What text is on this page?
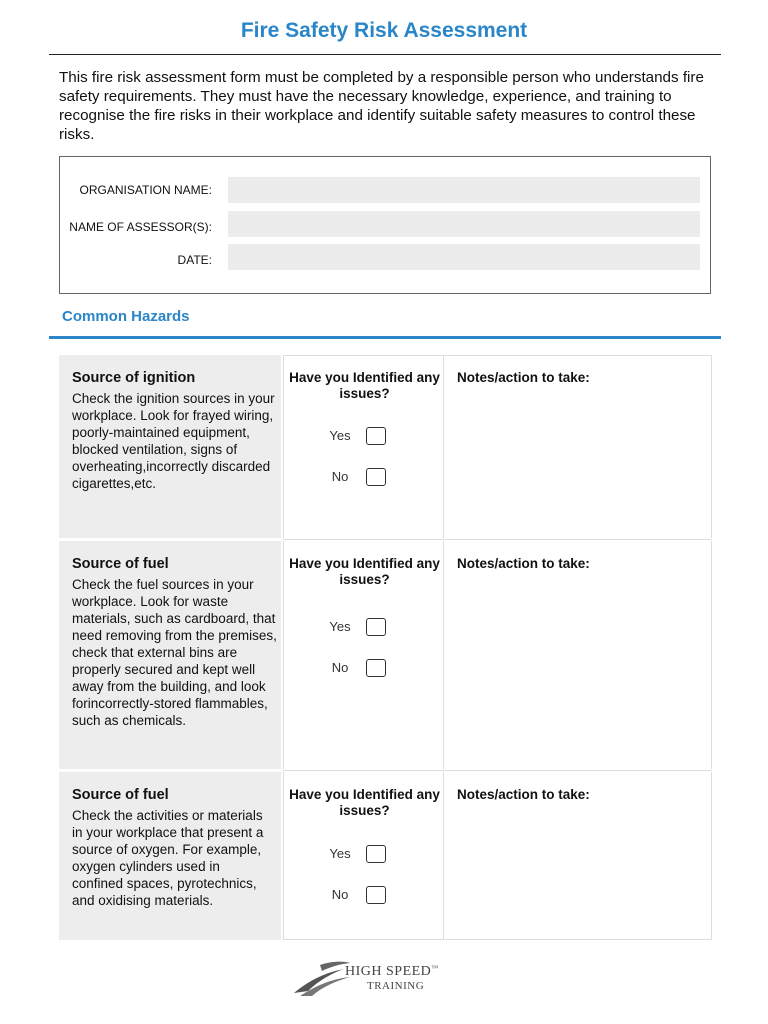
Fire Safety Risk Assessment
This fire risk assessment form must be completed by a responsible person who understands fire safety requirements. They must have the necessary knowledge, experience, and training to recognise the fire risks in their workplace and identify suitable safety measures to control these risks.
ORGANISATION NAME:
NAME OF ASSESSOR(S):
DATE:
Common Hazards
Source of ignition
Check the ignition sources in your workplace. Look for frayed wiring, poorly-maintained equipment, blocked ventilation, signs of overheating,incorrectly discarded cigarettes,etc.
Have you Identified any issues?
Yes
No
Notes/action to take:
Source of fuel
Check the fuel sources in your workplace. Look for waste materials, such as cardboard, that need removing from the premises, check that external bins are properly secured and kept well away from the building, and look forincorrectly-stored flammables, such as chemicals.
Have you Identified any issues?
Yes
No
Notes/action to take:
Source of fuel
Check the activities or materials in your workplace that present a source of oxygen. For example, oxygen cylinders used in confined spaces, pyrotechnics, and oxidising materials.
Have you Identified any issues?
Yes
No
Notes/action to take:
HIGH SPEED™
TRAINING
